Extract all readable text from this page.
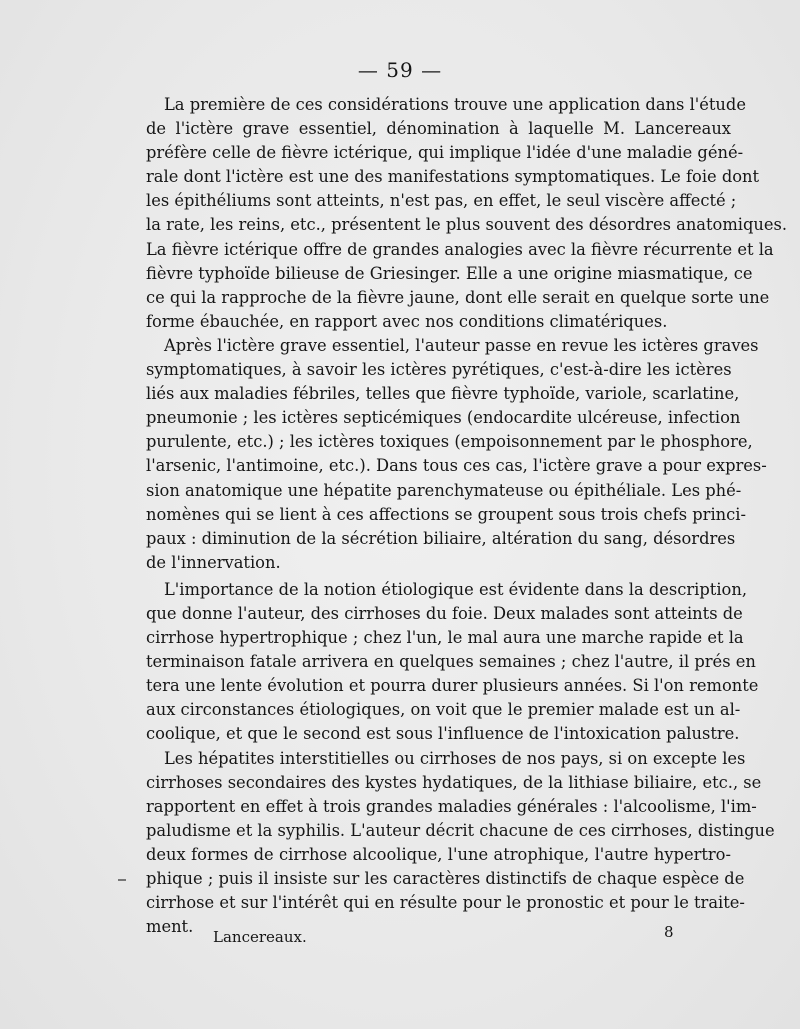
— 59 —
La première de ces considérations trouve une application dans l'étude
de l'ictère grave essentiel, dénomination à laquelle M. Lancereaux
préfère celle de fièvre ictérique, qui implique l'idée d'une maladie géné-
rale dont l'ictère est une des manifestations symptomatiques. Le foie dont
les épithéliums sont atteints, n'est pas, en effet, le seul viscère affecté ;
la rate, les reins, etc., présentent le plus souvent des désordres anatomiques.
La fièvre ictérique offre de grandes analogies avec la fièvre récurrente et la
fièvre typhoïde bilieuse de Griesinger. Elle a une origine miasmatique, ce
ce qui la rapproche de la fièvre jaune, dont elle serait en quelque sorte une
forme ébauchée, en rapport avec nos conditions climatériques.
Après l'ictère grave essentiel, l'auteur passe en revue les ictères graves
symptomatiques, à savoir les ictères pyrétiques, c'est-à-dire les ictères
liés aux maladies fébriles, telles que fièvre typhoïde, variole, scarlatine,
pneumonie ; les ictères septicémiques (endocardite ulcéreuse, infection
purulente, etc.) ; les ictères toxiques (empoisonnement par le phosphore,
l'arsenic, l'antimoine, etc.). Dans tous ces cas, l'ictère grave a pour expres-
sion anatomique une hépatite parenchymateuse ou épithéliale. Les phé-
nomènes qui se lient à ces affections se groupent sous trois chefs princi-
paux : diminution de la sécrétion biliaire, altération du sang, désordres
de l'innervation.
L'importance de la notion étiologique est évidente dans la description,
que donne l'auteur, des cirrhoses du foie. Deux malades sont atteints de
cirrhose hypertrophique ; chez l'un, le mal aura une marche rapide et la
terminaison fatale arrivera en quelques semaines ; chez l'autre, il prés en
tera une lente évolution et pourra durer plusieurs années. Si l'on remonte
aux circonstances étiologiques, on voit que le premier malade est un al-
coolique, et que le second est sous l'influence de l'intoxication palustre.
Les hépatites interstitielles ou cirrhoses de nos pays, si on excepte les
cirrhoses secondaires des kystes hydatiques, de la lithiase biliaire, etc., se
rapportent en effet à trois grandes maladies générales : l'alcoolisme, l'im-
paludisme et la syphilis. L'auteur décrit chacune de ces cirrhoses, distingue
deux formes de cirrhose alcoolique, l'une atrophique, l'autre hypertro-
phique ; puis il insiste sur les caractères distinctifs de chaque espèce de
cirrhose et sur l'intérêt qui en résulte pour le pronostic et pour le traite-
ment.
Lancereaux.	8
